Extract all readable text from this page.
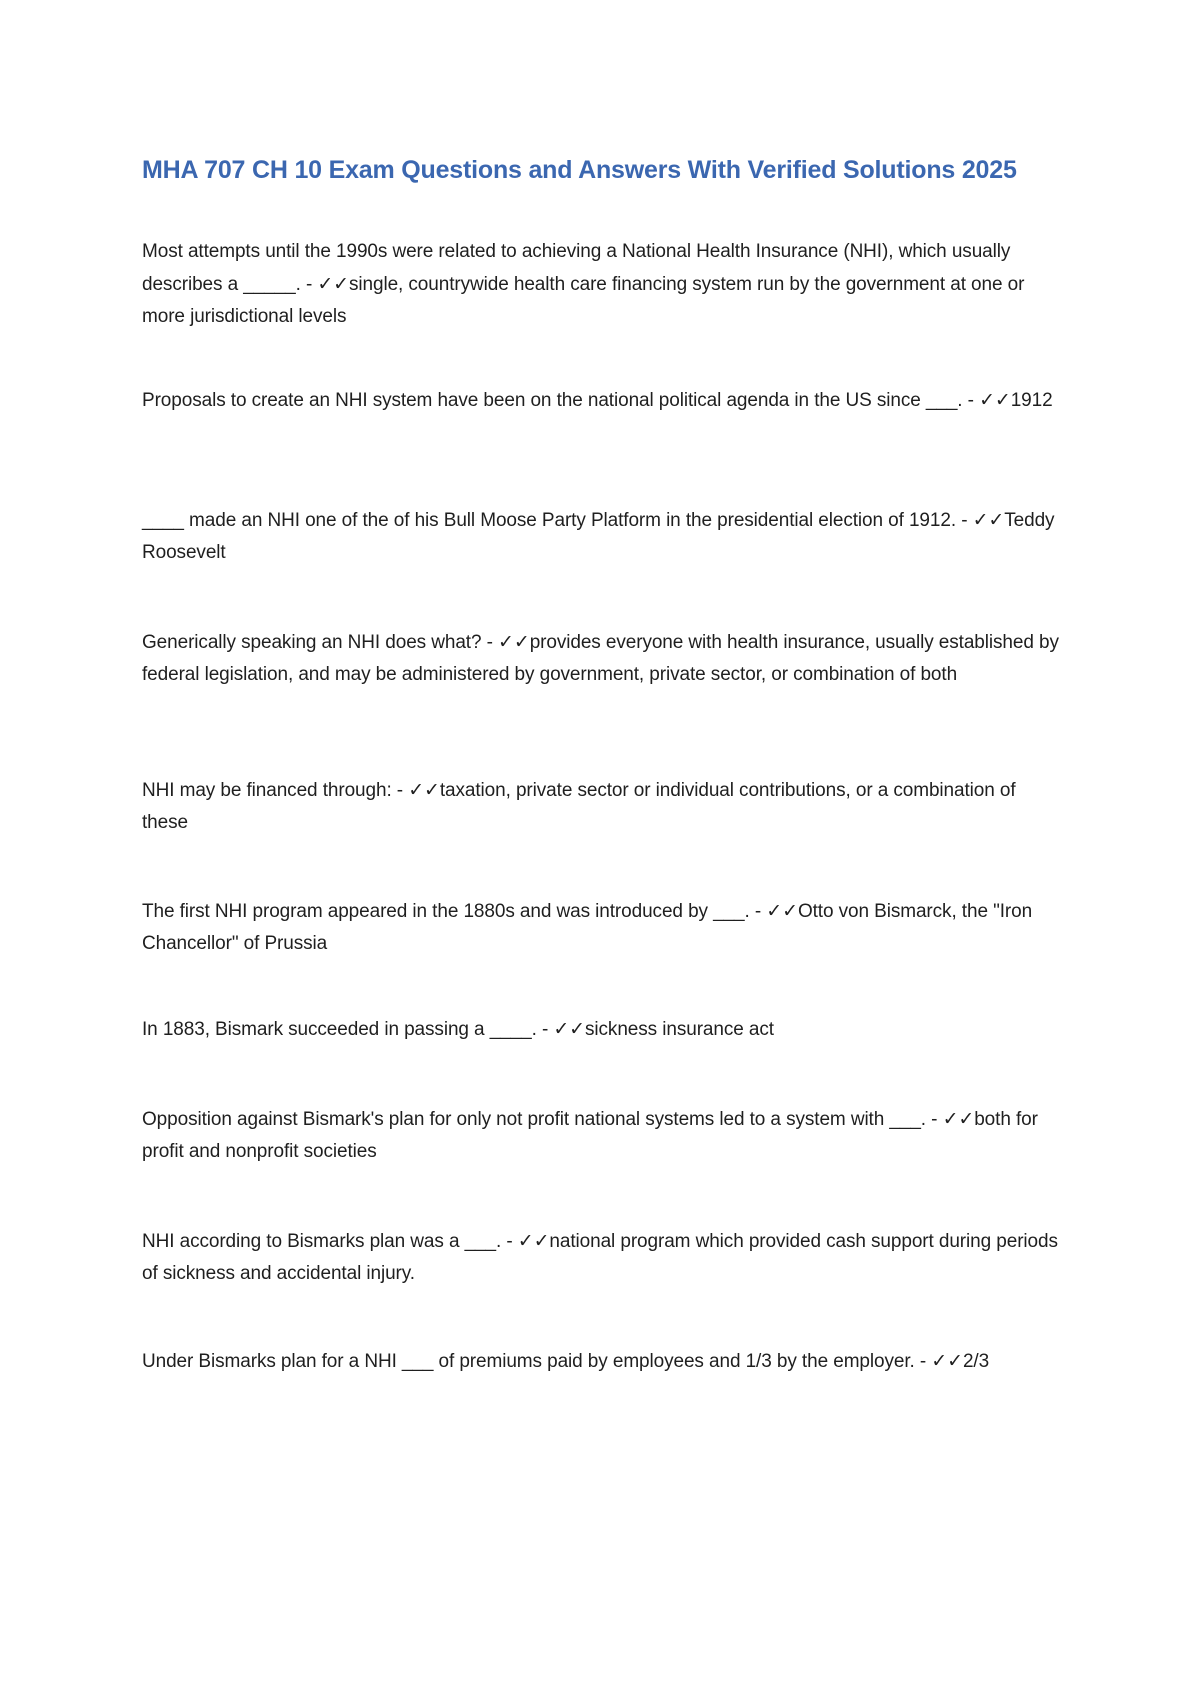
MHA 707 CH 10 Exam Questions and Answers With Verified Solutions 2025

Most attempts until the 1990s were related to achieving a National Health Insurance (NHI), which usually describes a _____. - ✓✓single, countrywide health care financing system run by the government at one or more jurisdictional levels

Proposals to create an NHI system have been on the national political agenda in the US since ___. - ✓✓1912

____ made an NHI one of the of his Bull Moose Party Platform in the presidential election of 1912. - ✓✓Teddy Roosevelt

Generically speaking an NHI does what? - ✓✓provides everyone with health insurance, usually established by federal legislation, and may be administered by government, private sector, or combination of both

NHI may be financed through: - ✓✓taxation, private sector or individual contributions, or a combination of these

The first NHI program appeared in the 1880s and was introduced by ___. - ✓✓Otto von Bismarck, the "Iron Chancellor" of Prussia

In 1883, Bismark succeeded in passing a ____. - ✓✓sickness insurance act

Opposition against Bismark's plan for only not profit national systems led to a system with ___. - ✓✓both for profit and nonprofit societies

NHI according to Bismarks plan was a ___. - ✓✓national program which provided cash support during periods of sickness and accidental injury.

Under Bismarks plan for a NHI ___ of premiums paid by employees and 1/3 by the employer. - ✓✓2/3
